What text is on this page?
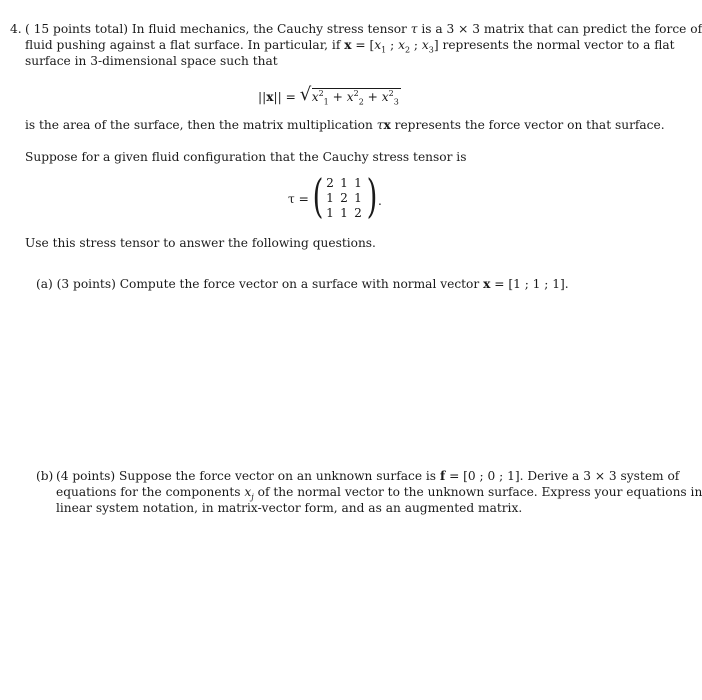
4. ( 15 points total) In fluid mechanics, the Cauchy stress tensor τ is a 3 × 3 matrix that can predict the force of
fluid pushing against a flat surface. In particular, if $x = [x_1$ ; $x_2$ ; $x_3$] represents the normal vector to a flat
surface in 3-dimensional space such that
||x|| = √ $x^2_1 + x^2_2 + x^2_3$
is the area of the surface, then the matrix multiplication τx represents the force vector on that surface.
Suppose for a given fluid configuration that the Cauchy stress tensor is
τ = ( 2 1 1
1 2 1
1 1 2 ) .
Use this stress tensor to answer the following questions.
(a) (3 points) Compute the force vector on a surface with normal vector x = [1 ; 1 ; 1].
(b) (4 points) Suppose the force vector on an unknown surface is f = [0 ; 0 ; 1]. Derive a 3 × 3 system of
equations for the components $x_j$ of the normal vector to the unknown surface. Express your equations in
linear system notation, in matrix-vector form, and as an augmented matrix.
